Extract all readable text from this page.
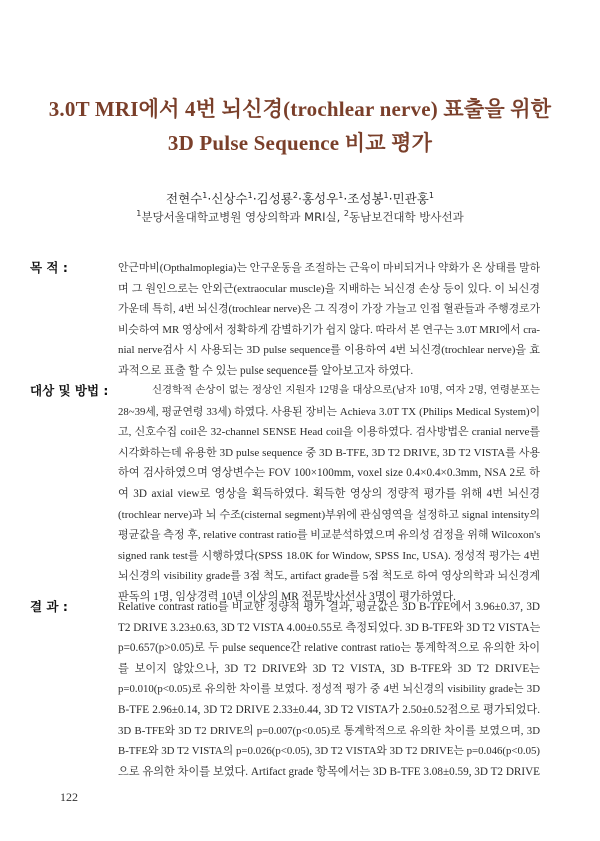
3.0T MRI에서 4번 뇌신경(trochlear nerve) 표출을 위한
3D Pulse Sequence 비교 평가
전현수$^1$·신상수$^1$·김성룡$^2$·홍성우$^1$·조성봉$^1$·민관홍$^1$
$^1$분당서울대학교병원 영상의학과 MRI실, $^2$동남보건대학 방사선과
목 적 :	안근마비(Opthalmoplegia)는 안구운동을 조절하는 근육이 마비되거나 약화가 온 상태를 말하
며 그 원인으로는 안외근(extraocular muscle)을 지배하는 뇌신경 손상 등이 있다. 이 뇌신경
가운데 특히, 4번 뇌신경(trochlear nerve)은 그 직경이 가장 가늘고 인접 혈관들과 주행경로가
비슷하여 MR 영상에서 정확하게 감별하기가 쉽지 않다. 따라서 본 연구는 3.0T MRI에서 cra-
nial nerve검사 시 사용되는 3D pulse sequence를 이용하여 4번 뇌신경(trochlear nerve)을 효
과적으로 표출 할 수 있는 pulse sequence를 알아보고자 하였다.

대상 및 방법 :	신경학적 손상이 없는 정상인 지원자 12명을 대상으로(남자 10명, 여자 2명, 연령분포는
28~39세, 평균연령 33세) 하였다. 사용된 장비는 Achieva 3.0T TX (Philips Medical System)이
고, 신호수집 coil은 32-channel SENSE Head coil을 이용하였다. 검사방법은 cranial nerve를
시각화하는데 유용한 3D pulse sequence 중 3D B-TFE, 3D T2 DRIVE, 3D T2 VISTA를 사용
하여 검사하였으며 영상변수는 FOV 100×100mm, voxel size 0.4×0.4×0.3mm, NSA 2로 하
여 3D axial view로 영상을 획득하였다. 획득한 영상의 정량적 평가를 위해 4번 뇌신경
(trochlear nerve)과 뇌 수조(cisternal segment)부위에 관심영역을 설정하고 signal intensity의
평균값을 측정 후, relative contrast ratio를 비교분석하였으며 유의성 검정을 위해 Wilcoxon's
signed rank test를 시행하였다(SPSS 18.0K for Window, SPSS Inc, USA). 정성적 평가는 4번
뇌신경의 visibility grade를 3점 척도, artifact grade를 5점 척도로 하여 영상의학과 뇌신경계
판독의 1명, 임상경력 10년 이상의 MR 전문방사선사 3명이 평가하였다.

결 과 :	Relative contrast ratio를 비교한 정량적 평가 결과, 평균값은 3D B-TFE에서 3.96±0.37, 3D
T2 DRIVE 3.23±0.63, 3D T2 VISTA 4.00±0.55로 측정되었다. 3D B-TFE와 3D T2 VISTA는
p=0.657(p>0.05)로 두 pulse sequence간 relative contrast ratio는 통계학적으로 유의한 차이
를 보이지 않았으나, 3D T2 DRIVE와 3D T2 VISTA, 3D B-TFE와 3D T2 DRIVE는
p=0.010(p<0.05)로 유의한 차이를 보였다. 정성적 평가 중 4번 뇌신경의 visibility grade는 3D
B-TFE 2.96±0.14, 3D T2 DRIVE 2.33±0.44, 3D T2 VISTA가 2.50±0.52점으로 평가되었다.
3D B-TFE와 3D T2 DRIVE의 p=0.007(p<0.05)로 통계학적으로 유의한 차이를 보였으며, 3D
B-TFE와 3D T2 VISTA의 p=0.026(p<0.05), 3D T2 VISTA와 3D T2 DRIVE는 p=0.046(p<0.05)
으로 유의한 차이를 보였다. Artifact grade 항목에서는 3D B-TFE 3.08±0.59, 3D T2 DRIVE

122
